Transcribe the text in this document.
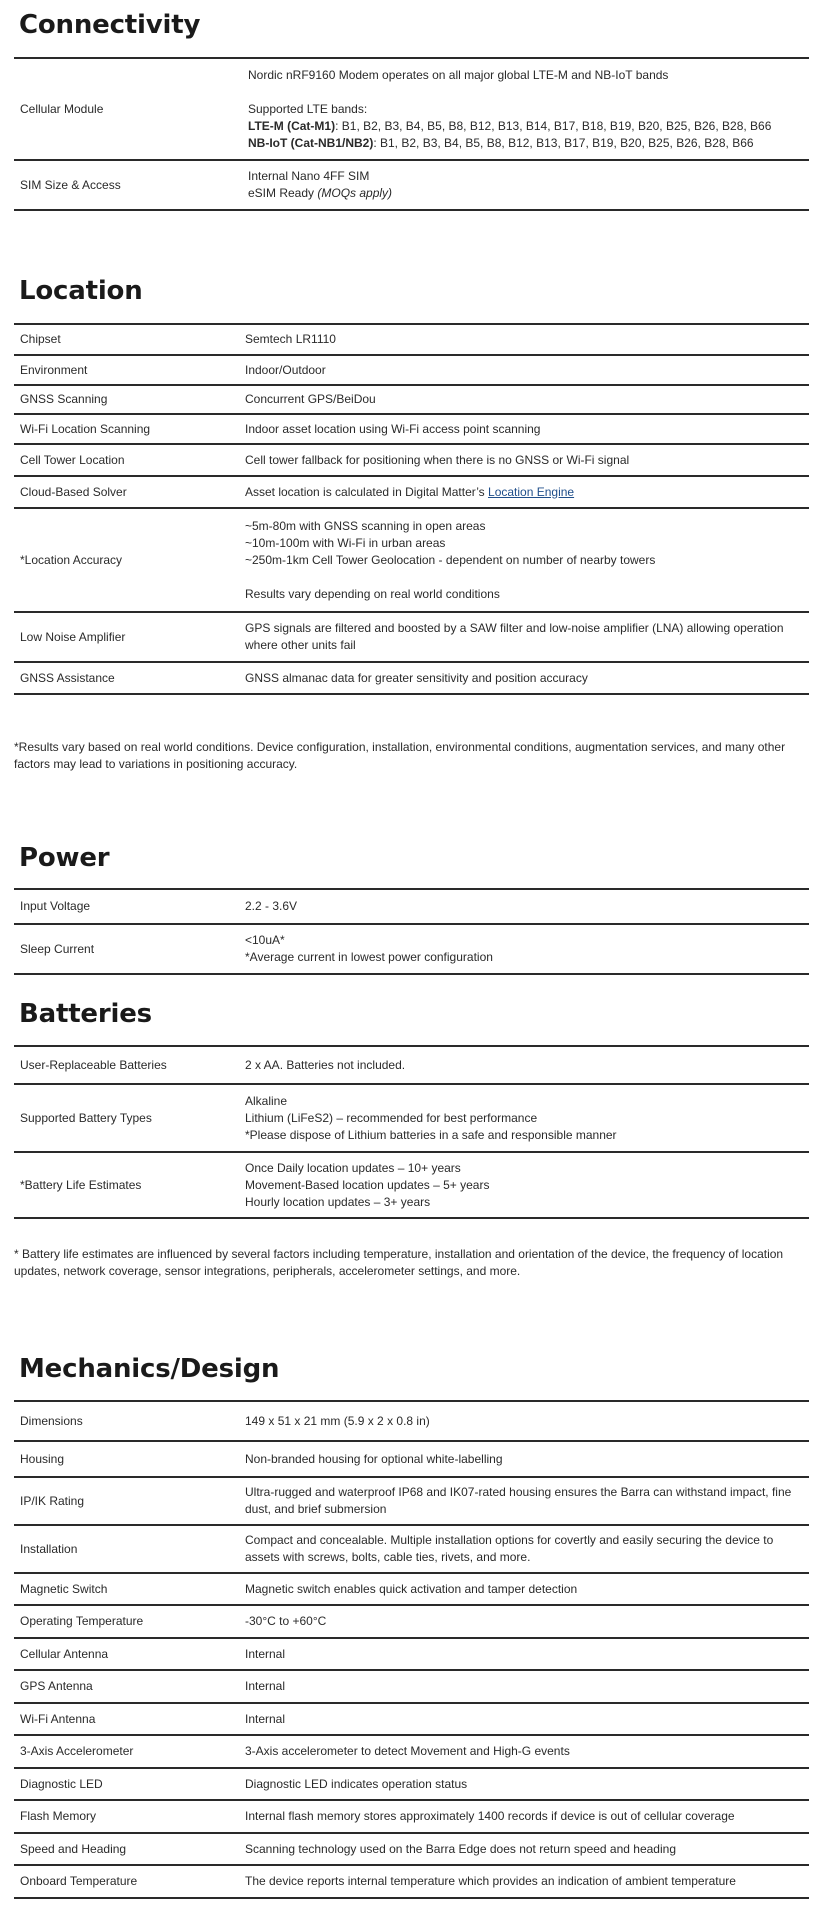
Connectivity
Cellular Module	Nordic nRF9160 Modem operates on all major global LTE-M and NB-IoT bands
Supported LTE bands:
LTE-M (Cat-M1): B1, B2, B3, B4, B5, B8, B12, B13, B14, B17, B18, B19, B20, B25, B26, B28, B66
NB-IoT (Cat-NB1/NB2): B1, B2, B3, B4, B5, B8, B12, B13, B17, B19, B20, B25, B26, B28, B66

SIM Size & Access	Internal Nano 4FF SIM
eSIM Ready (MOQs apply)
Location
Chipset	Semtech LR1110
Environment	Indoor/Outdoor
GNSS Scanning	Concurrent GPS/BeiDou
Wi-Fi Location Scanning	Indoor asset location using Wi-Fi access point scanning
Cell Tower Location	Cell tower fallback for positioning when there is no GNSS or Wi-Fi signal
Cloud-Based Solver	Asset location is calculated in Digital Matter’s Location Engine
*Location Accuracy	~5m-80m with GNSS scanning in open areas
~10m-100m with Wi-Fi in urban areas
~250m-1km Cell Tower Geolocation - dependent on number of nearby towers
Results vary depending on real world conditions

Low Noise Amplifier	GPS signals are filtered and boosted by a SAW filter and low-noise amplifier (LNA) allowing operation where other units fail
GNSS Assistance	GNSS almanac data for greater sensitivity and position accuracy

*Results vary based on real world conditions. Device configuration, installation, environmental conditions, augmentation services, and many other factors may lead to variations in positioning accuracy.

Power
Input Voltage	2.2 - 3.6V
Sleep Current	<10uA*
*Average current in lowest power configuration
Batteries
User-Replaceable Batteries	2 x AA. Batteries not included.
Supported Battery Types	Alkaline
Lithium (LiFeS2) – recommended for best performance
*Please dispose of Lithium batteries in a safe and responsible manner

*Battery Life Estimates	Once Daily location updates – 10+ years
Movement-Based location updates – 5+ years
Hourly location updates – 3+ years

* Battery life estimates are influenced by several factors including temperature, installation and orientation of the device, the frequency of location updates, network coverage, sensor integrations, peripherals, accelerometer settings, and more.

Mechanics/Design
Dimensions	149 x 51 x 21 mm (5.9 x 2 x 0.8 in)
Housing	Non-branded housing for optional white-labelling
IP/IK Rating	Ultra-rugged and waterproof IP68 and IK07-rated housing ensures the Barra can withstand impact, fine dust, and brief submersion
Installation	Compact and concealable. Multiple installation options for covertly and easily securing the device to assets with screws, bolts, cable ties, rivets, and more.
Magnetic Switch	Magnetic switch enables quick activation and tamper detection
Operating Temperature	-30°C to +60°C
Cellular Antenna	Internal
GPS Antenna	Internal
Wi-Fi Antenna	Internal
3-Axis Accelerometer	3-Axis accelerometer to detect Movement and High-G events
Diagnostic LED	Diagnostic LED indicates operation status
Flash Memory	Internal flash memory stores approximately 1400 records if device is out of cellular coverage
Speed and Heading	Scanning technology used on the Barra Edge does not return speed and heading
Onboard Temperature	The device reports internal temperature which provides an indication of ambient temperature
